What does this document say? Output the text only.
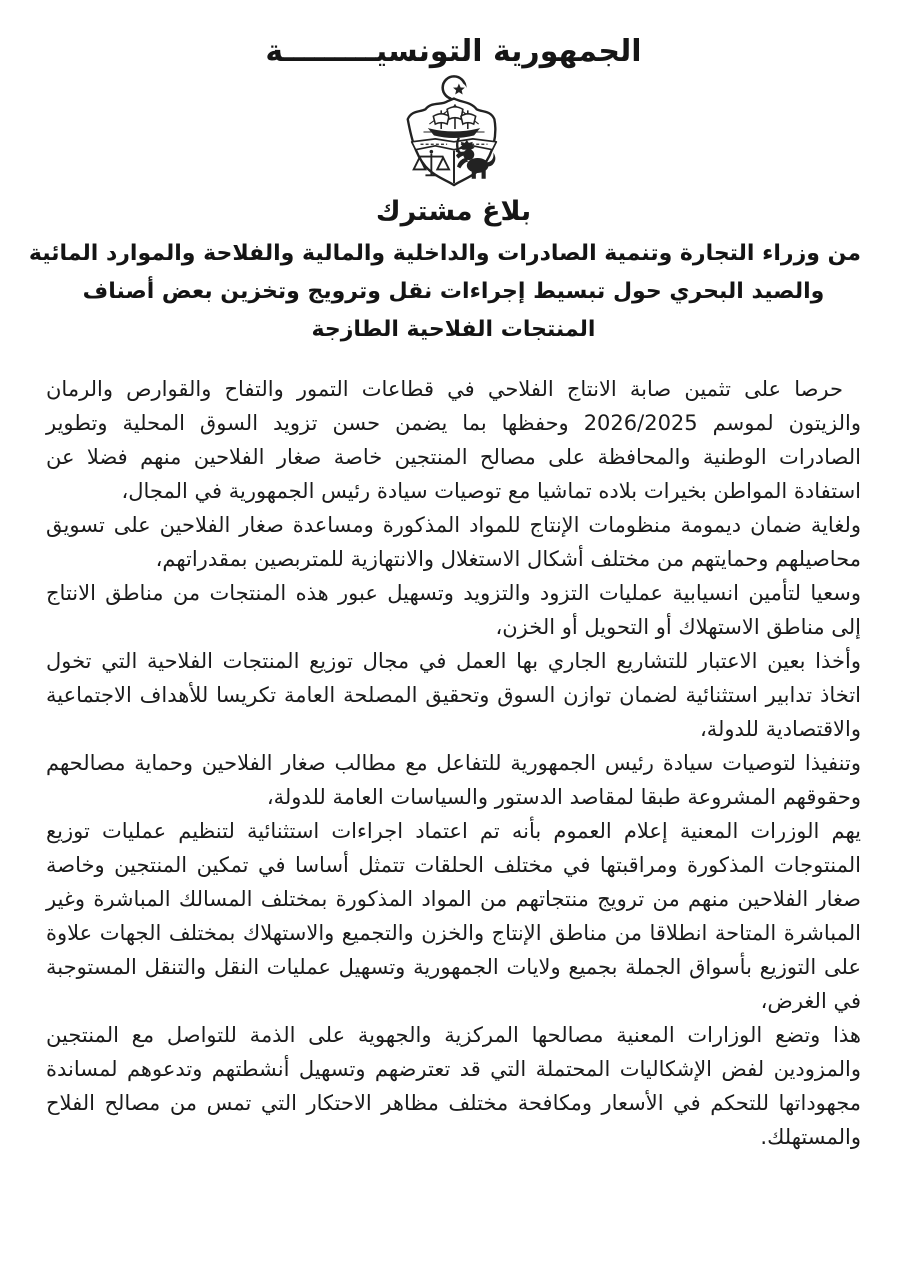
الجمهورية التونسيـــــــــة
بلاغ مشترك
من وزراء التجارة وتنمية الصادرات والداخلية والمالية والفلاحة والموارد المائية
والصيد البحري حول تبسيط إجراءات نقل وترويج وتخزين بعض أصناف
المنتجات الفلاحية الطازجة

حرصا على تثمين صابة الانتاج الفلاحي في قطاعات التمور والتفاح والقوارص والرمان والزيتون لموسم 2026/2025 وحفظها بما يضمن حسن تزويد السوق المحلية وتطوير الصادرات الوطنية والمحافظة على مصالح المنتجين خاصة صغار الفلاحين منهم فضلا عن استفادة المواطن بخيرات بلاده تماشيا مع توصيات سيادة رئيس الجمهورية في المجال،

ولغاية ضمان ديمومة منظومات الإنتاج للمواد المذكورة ومساعدة صغار الفلاحين على تسويق محاصيلهم وحمايتهم من مختلف أشكال الاستغلال والانتهازية للمتربصين بمقدراتهم،

وسعيا لتأمين انسيابية عمليات التزود والتزويد وتسهيل عبور هذه المنتجات من مناطق الانتاج إلى مناطق الاستهلاك أو التحويل أو الخزن،

وأخذا بعين الاعتبار للتشاريع الجاري بها العمل في مجال توزيع المنتجات الفلاحية التي تخول اتخاذ تدابير استثنائية لضمان توازن السوق وتحقيق المصلحة العامة تكريسا للأهداف الاجتماعية والاقتصادية للدولة،

وتنفيذا لتوصيات سيادة رئيس الجمهورية للتفاعل مع مطالب صغار الفلاحين وحماية مصالحهم وحقوقهم المشروعة طبقا لمقاصد الدستور والسياسات العامة للدولة،

يهم الوزرات المعنية إعلام العموم بأنه تم اعتماد اجراءات استثنائية لتنظيم عمليات توزيع المنتوجات المذكورة ومراقبتها في مختلف الحلقات تتمثل أساسا في تمكين المنتجين وخاصة صغار الفلاحين منهم من ترويج منتجاتهم من المواد المذكورة بمختلف المسالك المباشرة وغير المباشرة المتاحة انطلاقا من مناطق الإنتاج والخزن والتجميع والاستهلاك بمختلف الجهات علاوة على التوزيع بأسواق الجملة بجميع ولايات الجمهورية وتسهيل عمليات النقل والتنقل المستوجبة في الغرض،

هذا وتضع الوزارات المعنية مصالحها المركزية والجهوية على الذمة للتواصل مع المنتجين والمزودين لفض الإشكاليات المحتملة التي قد تعترضهم وتسهيل أنشطتهم وتدعوهم لمساندة مجهوداتها للتحكم في الأسعار ومكافحة مختلف مظاهر الاحتكار التي تمس من مصالح الفلاح والمستهلك.
